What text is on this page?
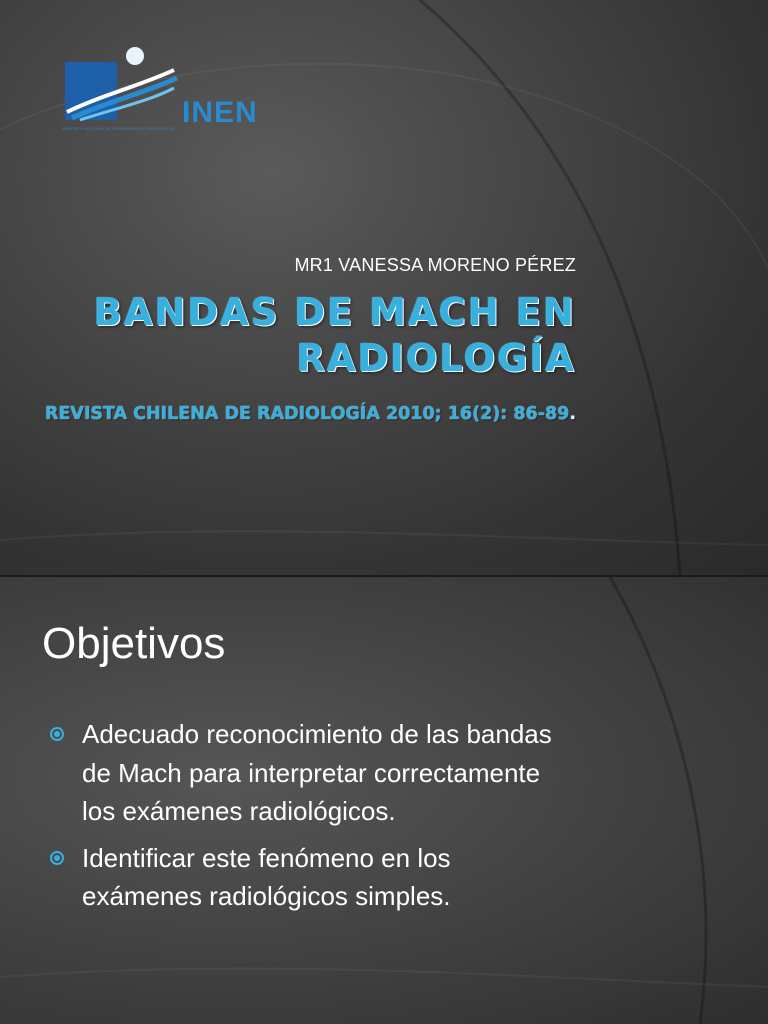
INEN
INSTITUTO NACIONAL DE ENFERMEDADES NEOPLÁSICAS
MR1 VANESSA MORENO PÉREZ
BANDAS DE MACH EN RADIOLOGÍA
REVISTA CHILENA DE RADIOLOGÍA 2010; 16(2): 86-89.
Objetivos
Adecuado reconocimiento de las bandas de Mach para interpretar correctamente los exámenes radiológicos.
Identificar este fenómeno en los exámenes radiológicos simples.
